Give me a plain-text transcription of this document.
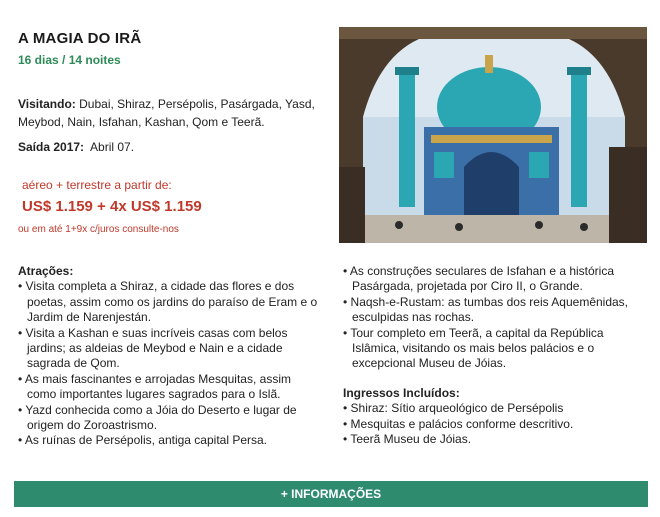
A MAGIA DO IRÃ
16 dias / 14 noites
Visitando: Dubai, Shiraz, Persépolis, Pasárgada, Yasd, Meybod, Nain, Isfahan, Kashan, Qom e Teerã.
Saída 2017: Abril 07.
aéreo + terrestre a partir de:
US$ 1.159 + 4x US$ 1.159
ou em até 1+9x c/juros consulte-nos
Atrações:
• Visita completa a Shiraz, a cidade das flores e dos poetas, assim como os jardins do paraíso de Eram e o Jardim de Narenjestán.
• Visita a Kashan e suas incríveis casas com belos jardins; as aldeias de Meybod e Nain e a cidade sagrada de Qom.
• As mais fascinantes e arrojadas Mesquitas, assim como importantes lugares sagrados para o Islã.
• Yazd conhecida como a Jóia do Deserto e lugar de origem do Zoroastrismo.
• As ruínas de Persépolis, antiga capital Persa.
• As construções seculares de Isfahan e a histórica Pasárgada, projetada por Ciro II, o Grande.
• Naqsh-e-Rustam: as tumbas dos reis Aquemênidas, esculpidas nas rochas.
• Tour completo em Teerã, a capital da República Islâmica, visitando os mais belos palácios e o excepcional Museu de Jóias.
Ingressos Incluídos:
• Shiraz: Sítio arqueológico de Persépolis
• Mesquitas e palácios conforme descritivo.
• Teerã Museu de Jóias.
+ INFORMAÇÕES
